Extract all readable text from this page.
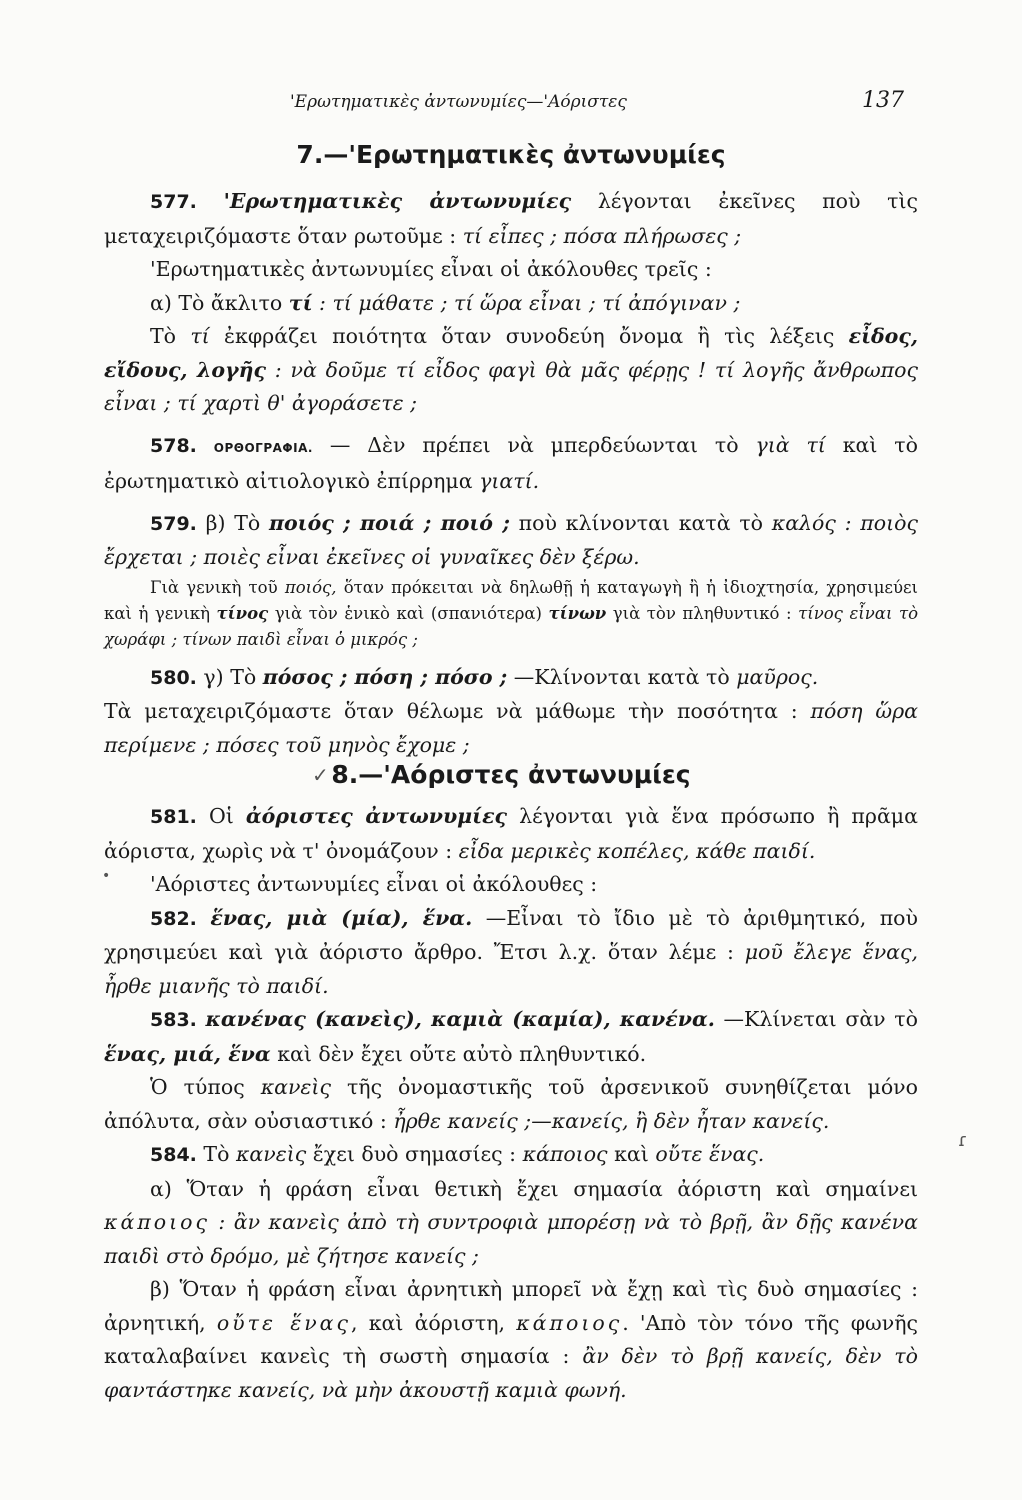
'Ερωτηματικὲς ἀντωνυμίες—'Αόριστες	137
7.—'Ερωτηματικὲς ἀντωνυμίες

577. 'Ερωτηματικὲς ἀντωνυμίες λέγονται ἐκεῖνες ποὺ τὶς μεταχειριζόμαστε ὅταν ρωτοῦμε : τί εἶπες ; πόσα πλήρωσες ;

'Ερωτηματικὲς ἀντωνυμίες εἶναι οἱ ἀκόλουθες τρεῖς :

α) Τὸ ἄκλιτο τί : τί μάθατε ; τί ὥρα εἶναι ; τί ἀπόγιναν ;

Τὸ τί ἐκφράζει ποιότητα ὅταν συνοδεύη ὄνομα ἢ τὶς λέξεις εἶδος, εἴδους, λογῆς : νὰ δοῦμε τί εἶδος φαγὶ θὰ μᾶς φέρῃς ! τί λογῆς ἄνθρωπος εἶναι ; τί χαρτὶ θ' ἀγοράσετε ;

578. ΟΡΘΟΓΡΑΦΙΑ. — Δὲν πρέπει νὰ μπερδεύωνται τὸ γιὰ τί καὶ τὸ ἐρωτηματικὸ αἰτιολογικὸ ἐπίρρημα γιατί.

579. β) Τὸ ποιός ; ποιά ; ποιό ; ποὺ κλίνονται κατὰ τὸ καλός : ποιὸς ἔρχεται ; ποιὲς εἶναι ἐκεῖνες οἱ γυναῖκες δὲν ξέρω.

Γιὰ γενικὴ τοῦ ποιός, ὅταν πρόκειται νὰ δηλωθῇ ἡ καταγωγὴ ἢ ἡ ἰδιοχτησία, χρησιμεύει καὶ ἡ γενικὴ τίνος γιὰ τὸν ἑνικὸ καὶ (σπανιότερα) τίνων γιὰ τὸν πληθυντικό : τίνος εἶναι τὸ χωράφι ; τίνων παιδὶ εἶναι ὁ μικρός ;

580. γ) Τὸ πόσος ; πόση ; πόσο ; —Κλίνονται κατὰ τὸ μαῦρος.

Τὰ μεταχειριζόμαστε ὅταν θέλωμε νὰ μάθωμε τὴν ποσότητα : πόση ὥρα περίμενε ; πόσες τοῦ μηνὸς ἔχομε ;

✓ 8.—'Αόριστες ἀντωνυμίες

581. Οἱ ἀόριστες ἀντωνυμίες λέγονται γιὰ ἕνα πρόσωπο ἢ πρᾶμα ἀόριστα, χωρὶς νὰ τ' ὀνομάζουν : εἶδα μερικὲς κοπέλες, κάθε παιδί.

'Αόριστες ἀντωνυμίες εἶναι οἱ ἀκόλουθες :

582. ἕνας, μιὰ (μία), ἕνα. —Εἶναι τὸ ἴδιο μὲ τὸ ἀριθμητικό, ποὺ χρησιμεύει καὶ γιὰ ἀόριστο ἄρθρο. Ἔτσι λ.χ. ὅταν λέμε : μοῦ ἔλεγε ἕνας, ἦρθε μιανῆς τὸ παιδί.

583. κανένας (κανεὶς), καμιὰ (καμία), κανένα. —Κλίνεται σὰν τὸ ἕνας, μιά, ἕνα καὶ δὲν ἔχει οὔτε αὐτὸ πληθυντικό.

Ὁ τύπος κανεὶς τῆς ὀνομαστικῆς τοῦ ἀρσενικοῦ συνηθίζεται μόνο ἀπόλυτα, σὰν οὐσιαστικό : ἦρθε κανείς ;—κανείς, ἢ δὲν ἦταν κανείς.

584. Τὸ κανεὶς ἔχει δυὸ σημασίες : κάποιος καὶ οὔτε ἕνας.

α) Ὅταν ἡ φράση εἶναι θετικὴ ἔχει σημασία ἀόριστη καὶ σημαίνει κάποιος : ἂν κανεὶς ἀπὸ τὴ συντροφιὰ μπορέσῃ νὰ τὸ βρῇ, ἂν δῇς κανένα παιδὶ στὸ δρόμο, μὲ ζήτησε κανείς ;

β) Ὅταν ἡ φράση εἶναι ἀρνητικὴ μπορεῖ νὰ ἔχῃ καὶ τὶς δυὸ σημασίες : ἀρνητική, οὔτε ἕνας, καὶ ἀόριστη, κάποιος. 'Απὸ τὸν τόνο τῆς φωνῆς καταλαβαίνει κανεὶς τὴ σωστὴ σημασία : ἂν δὲν τὸ βρῇ κανείς, δὲν τὸ φαντάστηκε κανείς, νὰ μὴν ἀκουστῇ καμιὰ φωνή.

•
ɾ
